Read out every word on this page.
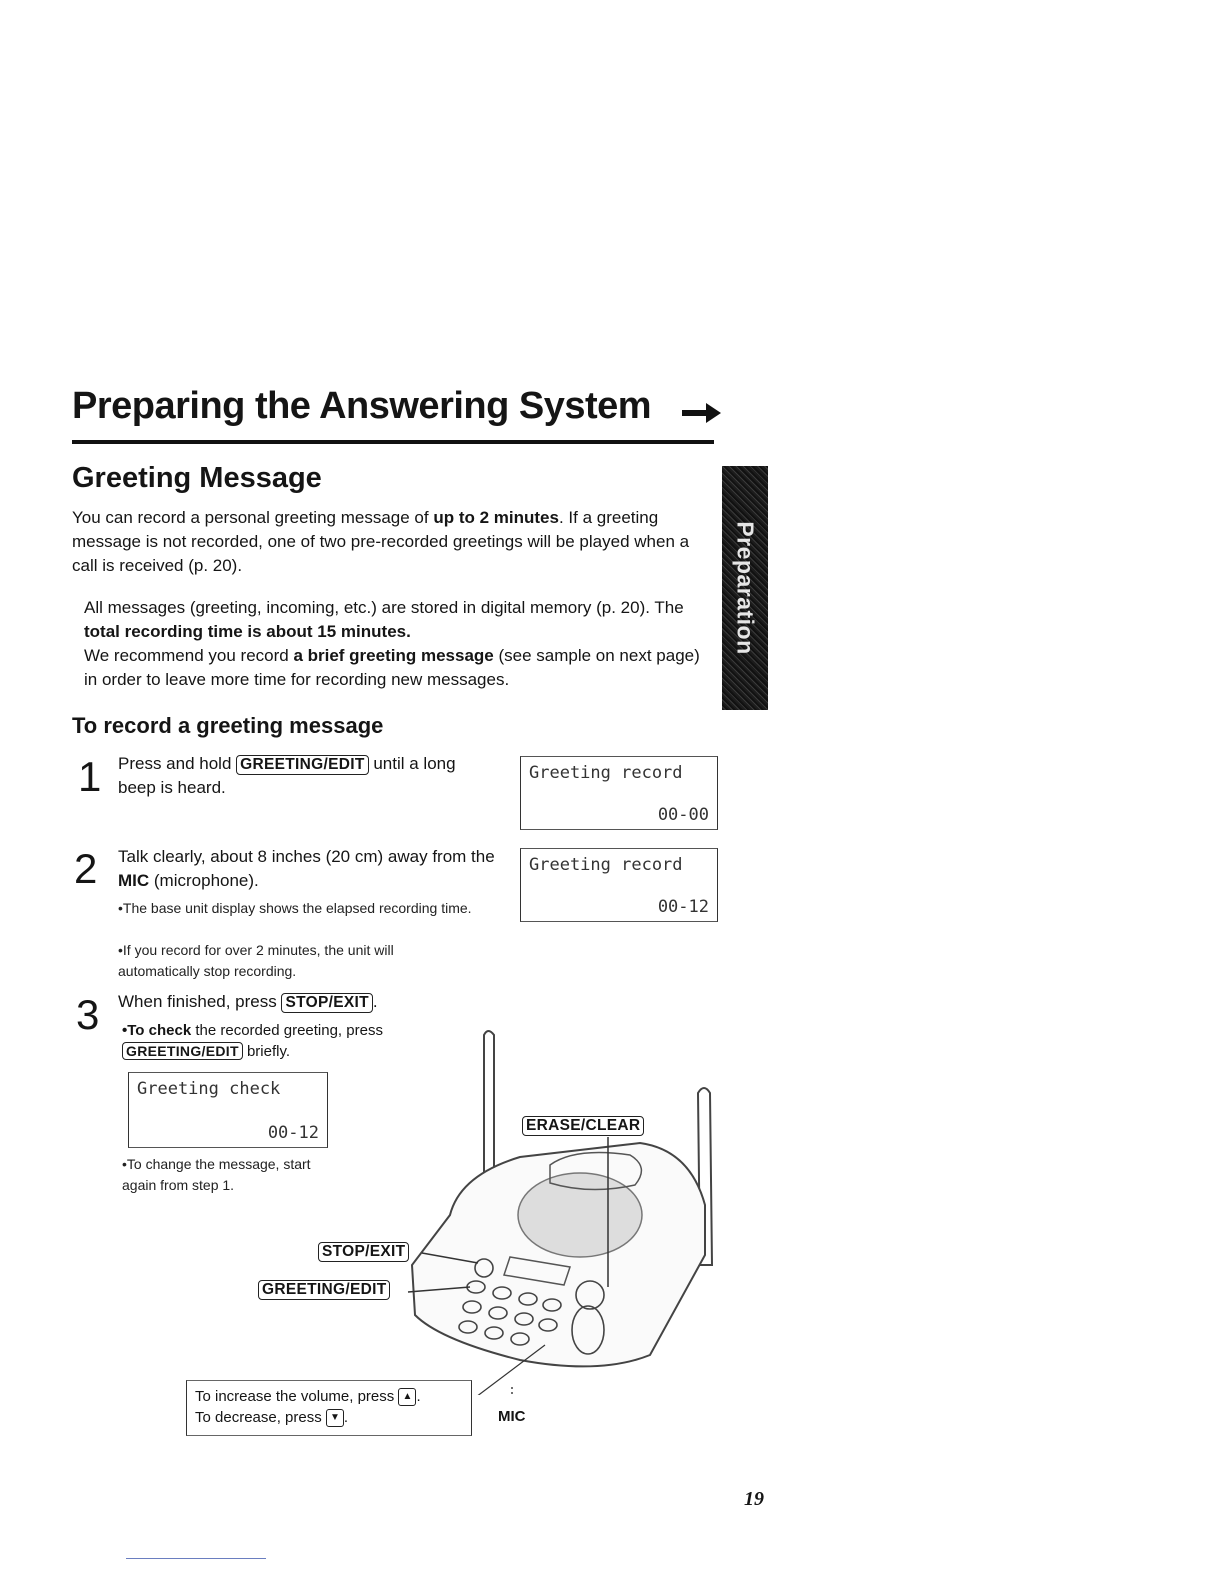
Preparing the Answering System
Preparation
Greeting Message
You can record a personal greeting message of up to 2 minutes. If a greeting message is not recorded, one of two pre-recorded greetings will be played when a call is received (p. 20).
All messages (greeting, incoming, etc.) are stored in digital memory (p. 20). The total recording time is about 15 minutes.
We recommend you record a brief greeting message (see sample on next page) in order to leave more time for recording new messages.
To record a greeting message
1 Press and hold GREETING/EDIT until a long beep is heard.
2 Talk clearly, about 8 inches (20 cm) away from the MIC (microphone).
•The base unit display shows the elapsed recording time.
•If you record for over 2 minutes, the unit will automatically stop recording.
3 When finished, press STOP/EXIT .
•To check the recorded greeting, press GREETING/EDIT briefly.
•To change the message, start again from step 1.
Greeting record
00-00
Greeting record
00-12
Greeting check
00-12	ERASE/CLEAR
STOP/EXIT
GREETING/EDIT
MIC
To increase the volume, press ▲ .
To decrease, press ▼ .
19
